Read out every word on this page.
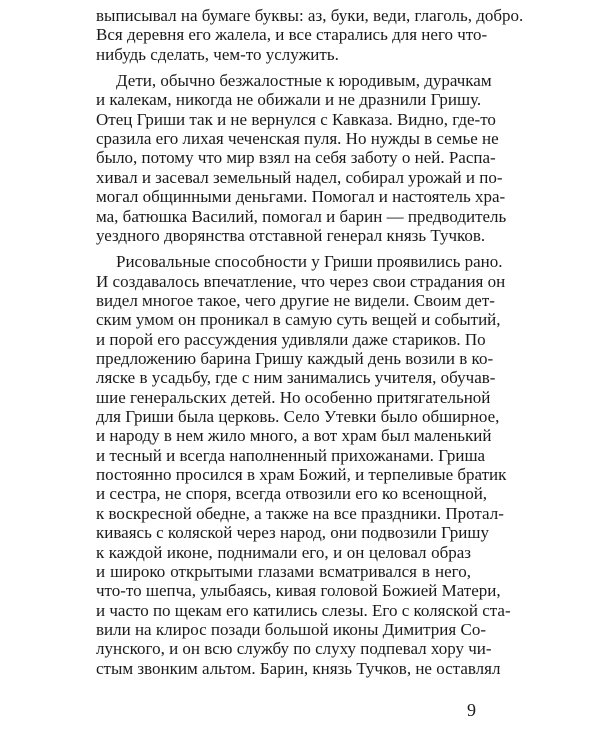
выписывал на бумаге буквы: аз, буки, веди, глаголь, добро.
Вся деревня его жалела, и все старались для него что-
нибудь сделать, чем-то услужить.
Дети, обычно безжалостные к юродивым, дурачкам
и калекам, никогда не обижали и не дразнили Гришу.
Отец Гриши так и не вернулся с Кавказа. Видно, где-то
сразила его лихая чеченская пуля. Но нужды в семье не
было, потому что мир взял на себя заботу о ней. Распа-
хивал и засевал земельный надел, собирал урожай и по-
могал общинными деньгами. Помогал и настоятель хра-
ма, батюшка Василий, помогал и барин — предводитель
уездного дворянства отставной генерал князь Тучков.
Рисовальные способности у Гриши проявились рано.
И создавалось впечатление, что через свои страдания он
видел многое такое, чего другие не видели. Своим дет-
ским умом он проникал в самую суть вещей и событий,
и порой его рассуждения удивляли даже стариков. По
предложению барина Гришу каждый день возили в ко-
ляске в усадьбу, где с ним занимались учителя, обучав-
шие генеральских детей. Но особенно притягательной
для Гриши была церковь. Село Утевки было обширное,
и народу в нем жило много, а вот храм был маленький
и тесный и всегда наполненный прихожанами. Гриша
постоянно просился в храм Божий, и терпеливые братик
и сестра, не споря, всегда отвозили его ко всенощной,
к воскресной обедне, а также на все праздники. Протал-
киваясь с коляской через народ, они подвозили Гришу
к каждой иконе, поднимали его, и он целовал образ
и широко открытыми глазами всматривался в него,
что-то шепча, улыбаясь, кивая головой Божией Матери,
и часто по щекам его катились слезы. Его с коляской ста-
вили на клирос позади большой иконы Димитрия Со-
лунского, и он всю службу по слуху подпевал хору чи-
стым звонким альтом. Барин, князь Тучков, не оставлял
9
